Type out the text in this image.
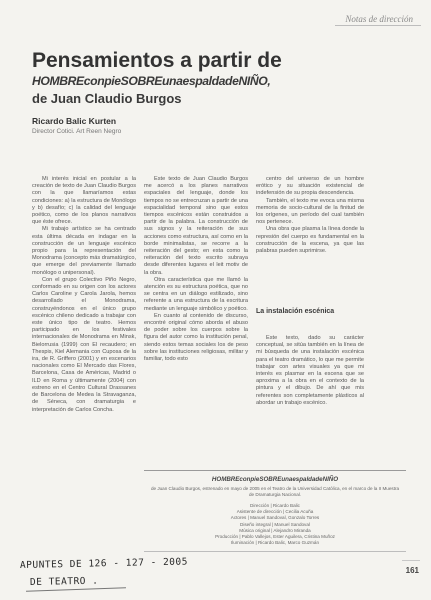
Notas de dirección
Pensamientos a partir de
HOMBREconpieSOBREunaespaldadeNIÑO,
de Juan Claudio Burgos
Ricardo Balic Kurten
Director Cotici. Art Reen Negro

Mi interés inicial en postular a la creación de texto de Juan Claudio Burgos con la que llamaríamos estas condiciones: a) la estructura de Monólogo y b) desafío; c) la calidad del lenguaje poético, como de los planos narrativos que éste ofrece.

Mi trabajo artístico se ha centrado esta última década en indagar en la construcción de un lenguaje escénico propio para la representación del Monodrama (concepto más dramatúrgico, que emerge del previamente llamado monólogo o unipersonal).

Con el grupo Colectivo Piño Negro, conformado en su origen con los actores Carlos Caroline y Carola Jarola, hemos desarrollado el Monodrama, construyéndonos en el único grupo escénico chileno dedicado a trabajar con este único tipo de teatro. Hemos participado en los festivales internacionales de Monodrama en Minsk, Bielorrusia (1999) con El recaudero; en Thespis, Kiel Alemania con Cuposa de la ira, de R. Griffero (2001) y en escenarios nacionales como El Mercado das Flores, Barcelona, Casa de Américas, Madrid o ILD en Roma y últimamente (2004) con estreno en el Centro Cultural Drassanes de Barcelona de Medea la Stravaganza, de Séneca, con dramaturgia e interpretación de Carlos Concha.

Este texto de Juan Claudio Burgos me acercó a los planes narrativos espaciales del lenguaje, donde los tiempos no se entrecruzan a partir de una espacialidad temporal sino que estos tiempos escénicos están construidos a partir de la palabra. La construcción de sus signos y la reiteración de sus acciones como estructura, así como en la borde minimalistas, se recorre a la reiteración del gesto; en esta como la reiteración del texto escrito subraya desde diferentes lugares el leit motiv de la obra.

Otra característica que me llamó la atención es su estructura poética, que no se centra en un diálogo estilizado, sino referente a una estructura de la escritura mediante un lenguaje simbólico y poético.

En cuanto al contenido de discurso, encontré original cómo aborda el abuso de poder sobre los cuerpos sobre la figura del autor como la institución penal, siendo estos temas sociales los de peso sobre las instituciones religiosas, militar y familiar, todo esto

centro del universo de un hombre erótico y su situación existencial de indefensión de su propia descendencia.

También, el texto me evoca una misma memoria de socio-cultural de la finitud de los orígenes, un período del cual también nos pertenece.

Una obra que plasma la línea donde la represión del cuerpo es fundamental en la construcción de la escena, ya que las palabras pueden suprimirse.

La instalación escénica

Este texto, dado su carácter conceptual, se sitúa también en la línea de mi búsqueda de una instalación escénica para el teatro dramático, lo que me permite trabajar con artes visuales ya que mi interés es plasmar en la escena que se aproxima a la obra en el contexto de la pintura y el dibujo. De ahí que mis referentes son completamente plásticos al abordar un trabajo escénico.

HOMBREconpieSOBREunaespaldadeNIÑO
de Juan Claudio Burgos, estrenado en mayo de 2005 en el Teatro de la Universidad Católica, en el marco de la II Muestra de Dramaturgia Nacional.
Dirección | Ricardo Balic
Asistente de dirección | Cecilia Acuña
Actores | Manuel Sandoval, Gonzalo Torres
Diseño integral | Manuel Sandoval
Música original | Alejandro Miranda
Producción | Pablo Vallejos, Ester Aguilera, Cristina Muñoz
Iluminación | Ricardo Balic, Marco Guzmán
APUNTES DE 126 - 127 - 2005
DE TEATRO .
161
